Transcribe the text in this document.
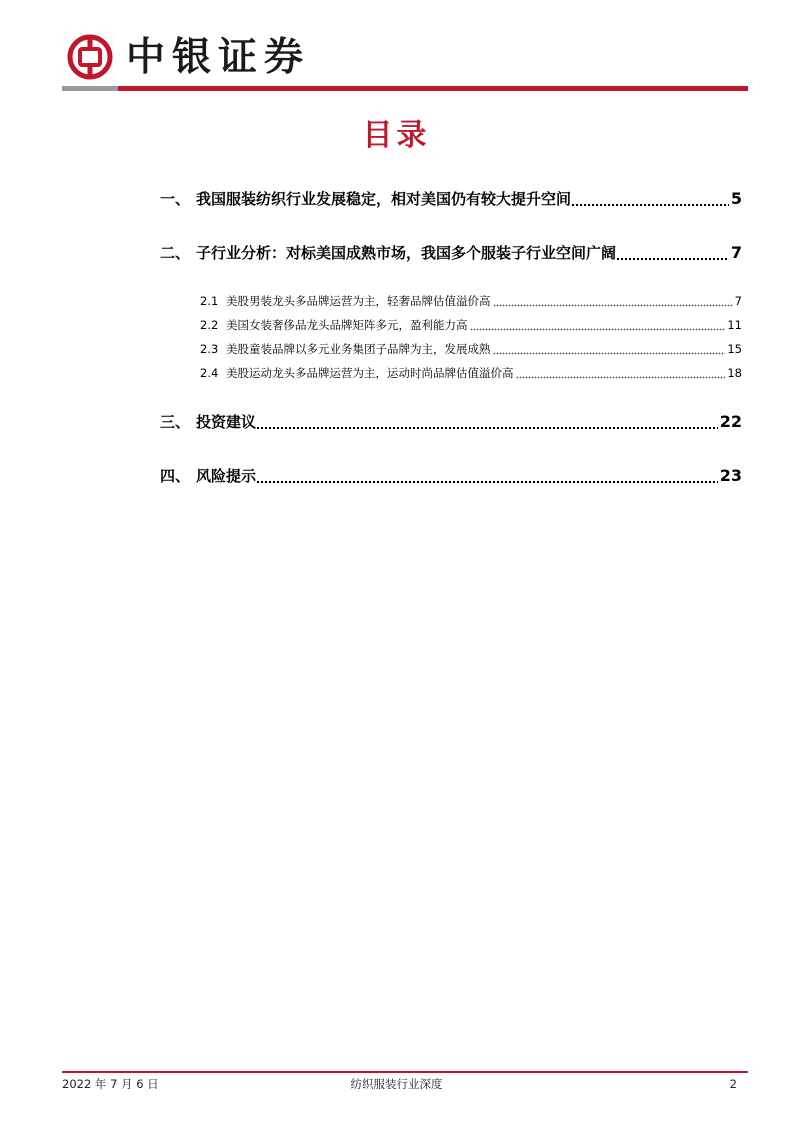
中银证券
目录
一、 我国服装纺织行业发展稳定，相对美国仍有较大提升空间	5
二、 子行业分析：对标美国成熟市场，我国多个服装子行业空间广阔	7
2.1 美股男装龙头多品牌运营为主，轻奢品牌估值溢价高	7
2.2 美国女装奢侈品龙头品牌矩阵多元，盈利能力高	11
2.3 美股童装品牌以多元业务集团子品牌为主，发展成熟	15
2.4 美股运动龙头多品牌运营为主，运动时尚品牌估值溢价高	18
三、 投资建议	22
四、 风险提示	23
2022 年 7 月 6 日	纺织服装行业深度	2
